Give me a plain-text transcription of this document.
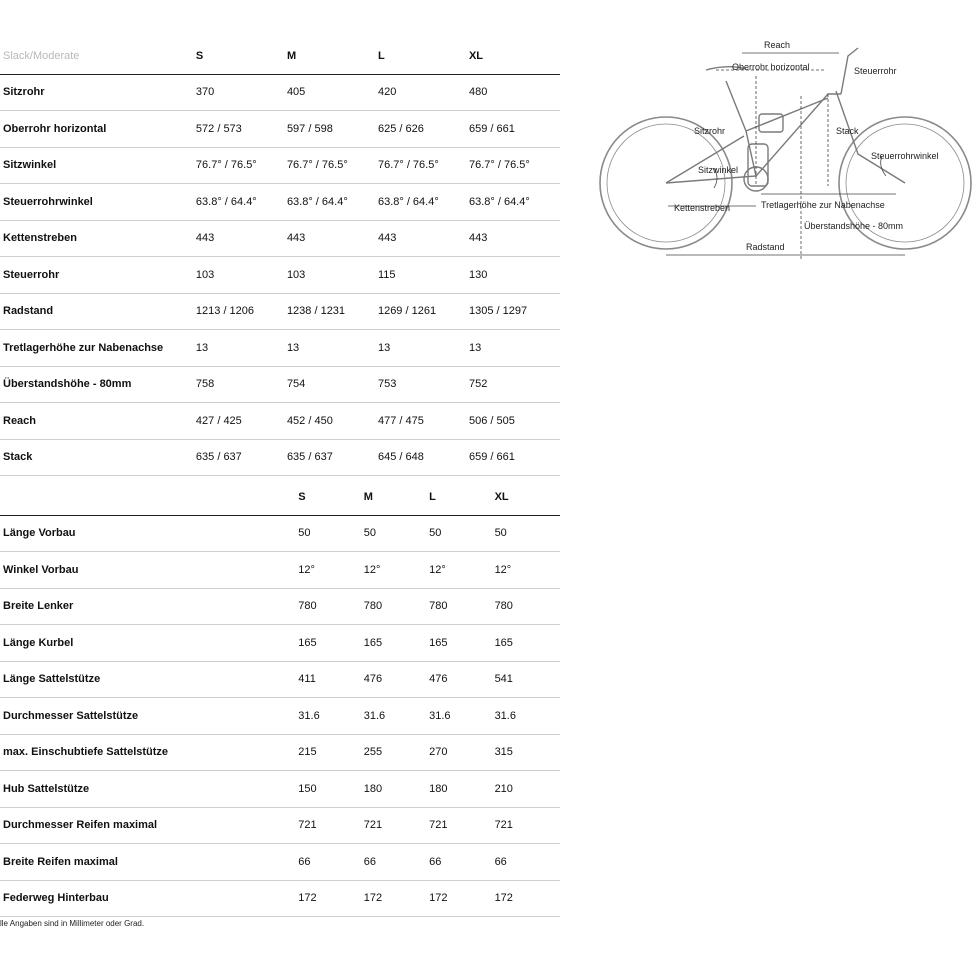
Slack/Moderate	S	M	L	XL
Sitzrohr	370	405	420	480
Oberrohr horizontal	572 / 573	597 / 598	625 / 626	659 / 661
Sitzwinkel	76.7° / 76.5°	76.7° / 76.5°	76.7° / 76.5°	76.7° / 76.5°
Steuerrohrwinkel	63.8° / 64.4°	63.8° / 64.4°	63.8° / 64.4°	63.8° / 64.4°
Kettenstreben	443	443	443	443
Steuerrohr	103	103	115	130
Radstand	1213 / 1206	1238 / 1231	1269 / 1261	1305 / 1297
Tretlagerhöhe zur Nabenachse	13	13	13	13
Überstandshöhe - 80mm	758	754	753	752
Reach	427 / 425	452 / 450	477 / 475	506 / 505
Stack	635 / 637	635 / 637	645 / 648	659 / 661
	S	M	L	XL
Länge Vorbau	50	50	50	50
Winkel Vorbau	12°	12°	12°	12°
Breite Lenker	780	780	780	780
Länge Kurbel	165	165	165	165
Länge Sattelstütze	411	476	476	541
Durchmesser Sattelstütze	31.6	31.6	31.6	31.6
max. Einschubtiefe Sattelstütze	215	255	270	315
Hub Sattelstütze	150	180	180	210
Durchmesser Reifen maximal	721	721	721	721
Breite Reifen maximal	66	66	66	66
Federweg Hinterbau	172	172	172	172
lle Angaben sind in Millimeter oder Grad.
Reach
Oberrohr horizontal	Steuerrohr
Sitzrohr	Stack
Steuerrohrwinkel
Sitzwinkel
Kettenstreben	Tretlagerhöhe zur Nabenachse
Überstandshöhe - 80mm
Radstand
